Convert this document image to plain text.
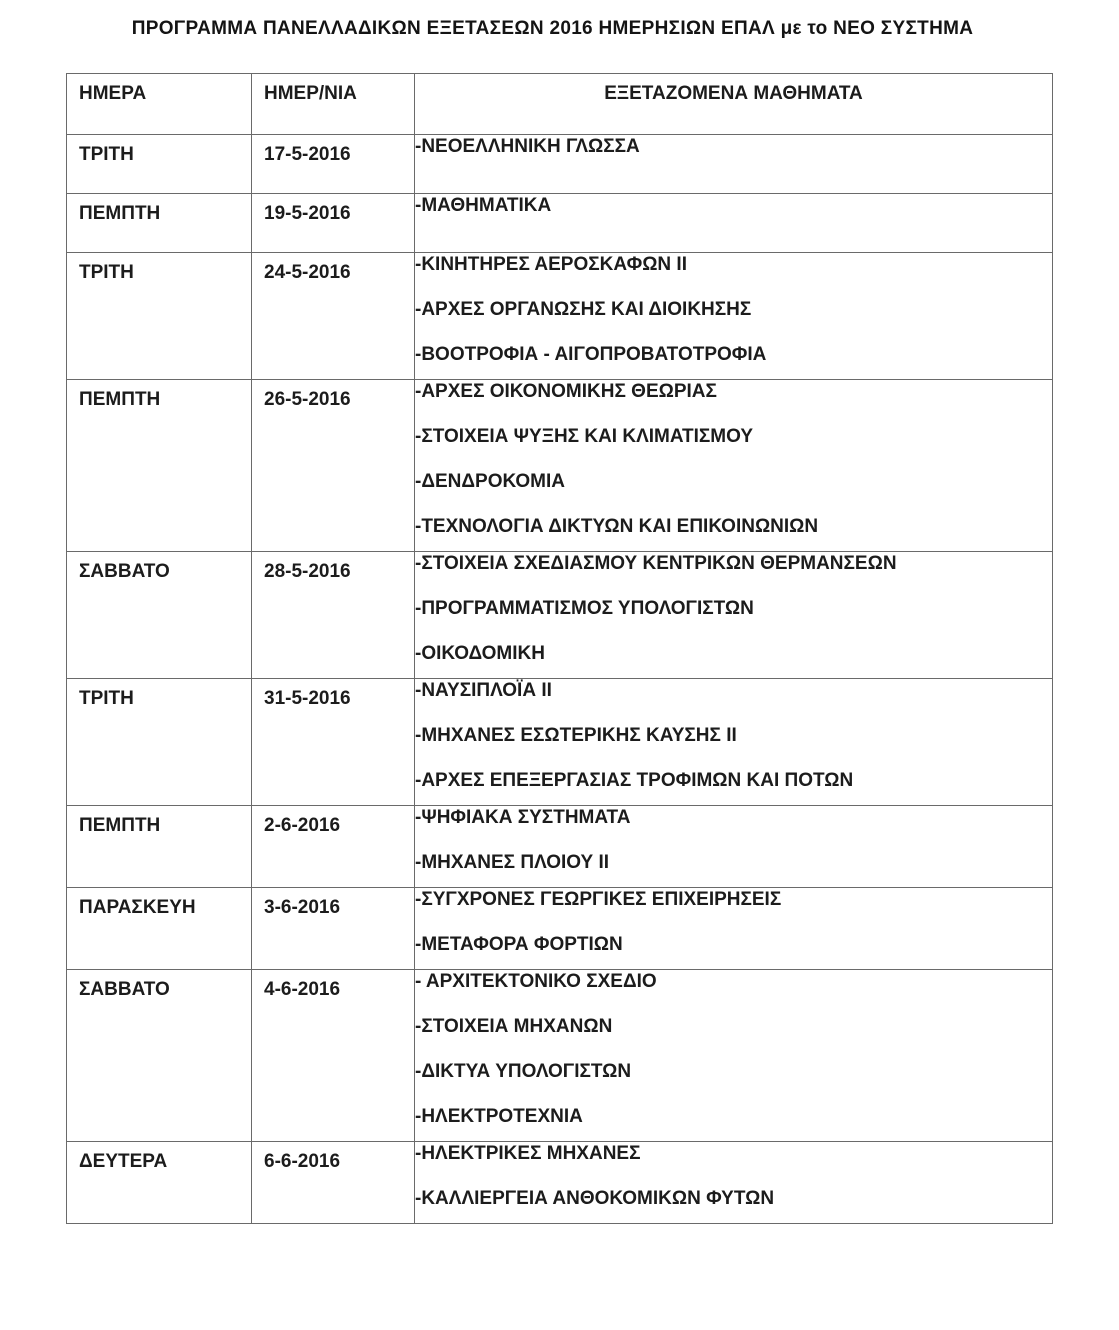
ΠΡΟΓΡΑΜΜΑ ΠΑΝΕΛΛΑΔΙΚΩΝ ΕΞΕΤΑΣΕΩΝ 2016 ΗΜΕΡΗΣΙΩΝ ΕΠΑΛ με το ΝΕΟ ΣΥΣΤΗΜΑ
ΗΜΕΡΑ	ΗΜΕΡ/ΝΙΑ	ΕΞΕΤΑΖΟΜΕΝΑ ΜΑΘΗΜΑΤΑ

ΤΡΙΤΗ	17-5-2016	-ΝΕΟΕΛΛΗΝΙΚΗ ΓΛΩΣΣΑ

ΠΕΜΠΤΗ	19-5-2016	-ΜΑΘΗΜΑΤΙΚΑ

ΤΡΙΤΗ	24-5-2016	-ΚΙΝΗΤΗΡΕΣ ΑΕΡΟΣΚΑΦΩΝ ΙΙ
-ΑΡΧΕΣ ΟΡΓΑΝΩΣΗΣ ΚΑΙ ΔΙΟΙΚΗΣΗΣ
-ΒΟΟΤΡΟΦΙΑ - ΑΙΓΟΠΡΟΒΑΤΟΤΡΟΦΙΑ

ΠΕΜΠΤΗ	26-5-2016	-ΑΡΧΕΣ ΟΙΚΟΝΟΜΙΚΗΣ ΘΕΩΡΙΑΣ
-ΣΤΟΙΧΕΙΑ ΨΥΞΗΣ ΚΑΙ ΚΛΙΜΑΤΙΣΜΟΥ
-ΔΕΝΔΡΟΚΟΜΙΑ
-ΤΕΧΝΟΛΟΓΙΑ ΔΙΚΤΥΩΝ ΚΑΙ ΕΠΙΚΟΙΝΩΝΙΩΝ

ΣΑΒΒΑΤΟ	28-5-2016	-ΣΤΟΙΧΕΙΑ ΣΧΕΔΙΑΣΜΟΥ ΚΕΝΤΡΙΚΩΝ ΘΕΡΜΑΝΣΕΩΝ
-ΠΡΟΓΡΑΜΜΑΤΙΣΜΟΣ ΥΠΟΛΟΓΙΣΤΩΝ
-ΟΙΚΟΔΟΜΙΚΗ

ΤΡΙΤΗ	31-5-2016	-ΝΑΥΣΙΠΛΟΪΑ ΙΙ
-ΜΗΧΑΝΕΣ ΕΣΩΤΕΡΙΚΗΣ ΚΑΥΣΗΣ ΙΙ
-ΑΡΧΕΣ ΕΠΕΞΕΡΓΑΣΙΑΣ ΤΡΟΦΙΜΩΝ ΚΑΙ ΠΟΤΩΝ

ΠΕΜΠΤΗ	2-6-2016	-ΨΗΦΙΑΚΑ ΣΥΣΤΗΜΑΤΑ
-ΜΗΧΑΝΕΣ ΠΛΟΙΟΥ ΙΙ

ΠΑΡΑΣΚΕΥΗ	3-6-2016	-ΣΥΓΧΡΟΝΕΣ ΓΕΩΡΓΙΚΕΣ ΕΠΙΧΕΙΡΗΣΕΙΣ
-ΜΕΤΑΦΟΡΑ ΦΟΡΤΙΩΝ

ΣΑΒΒΑΤΟ	4-6-2016	- ΑΡΧΙΤΕΚΤΟΝΙΚΟ ΣΧΕΔΙΟ
-ΣΤΟΙΧΕΙΑ ΜΗΧΑΝΩΝ
-ΔΙΚΤΥΑ ΥΠΟΛΟΓΙΣΤΩΝ
-ΗΛΕΚΤΡΟΤΕΧΝΙΑ

ΔΕΥΤΕΡΑ	6-6-2016	-ΗΛΕΚΤΡΙΚΕΣ ΜΗΧΑΝΕΣ
-ΚΑΛΛΙΕΡΓΕΙΑ ΑΝΘΟΚΟΜΙΚΩΝ ΦΥΤΩΝ
